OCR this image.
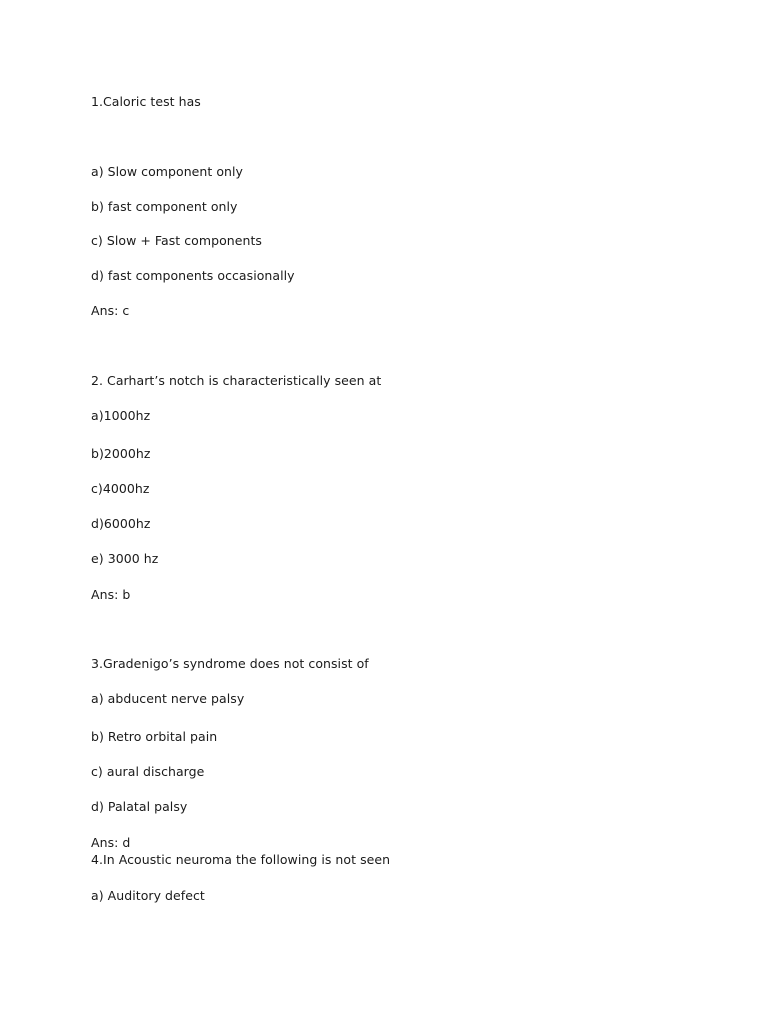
1.Caloric test has
a) Slow component only
b) fast component only
c) Slow + Fast components
d) fast components occasionally
Ans: c
2. Carhart’s notch is characteristically seen at
a)1000hz
b)2000hz
c)4000hz
d)6000hz
e) 3000 hz
Ans: b
3.Gradenigo’s syndrome does not consist of
a) abducent nerve palsy
b) Retro orbital pain
c) aural discharge
d) Palatal palsy
Ans: d
4.In Acoustic neuroma the following is not seen
a) Auditory defect
